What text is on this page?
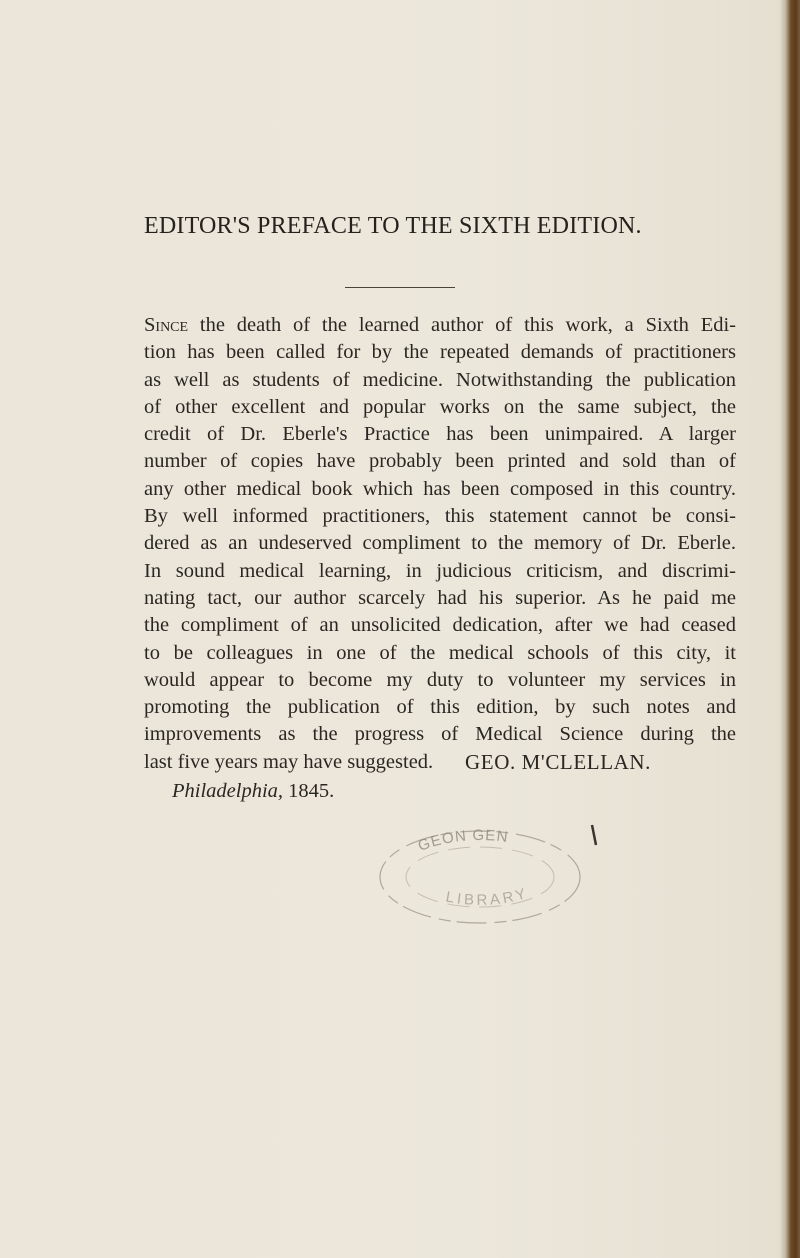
EDITOR'S PREFACE TO THE SIXTH EDITION.
Since the death of the learned author of this work, a Sixth Edi-
tion has been called for by the repeated demands of practitioners
as well as students of medicine. Notwithstanding the publication
of other excellent and popular works on the same subject, the
credit of Dr. Eberle's Practice has been unimpaired. A larger
number of copies have probably been printed and sold than of
any other medical book which has been composed in this country.
By well informed practitioners, this statement cannot be consi-
dered as an undeserved compliment to the memory of Dr. Eberle.
In sound medical learning, in judicious criticism, and discrimi-
nating tact, our author scarcely had his superior. As he paid me
the compliment of an unsolicited dedication, after we had ceased
to be colleagues in one of the medical schools of this city, it
would appear to become my duty to volunteer my services in
promoting the publication of this edition, by such notes and
improvements as the progress of Medical Science during the
last five years may have suggested.	GEO. M'CLELLAN.
Philadelphia, 1845.
GEON GEN
LIBRARY
